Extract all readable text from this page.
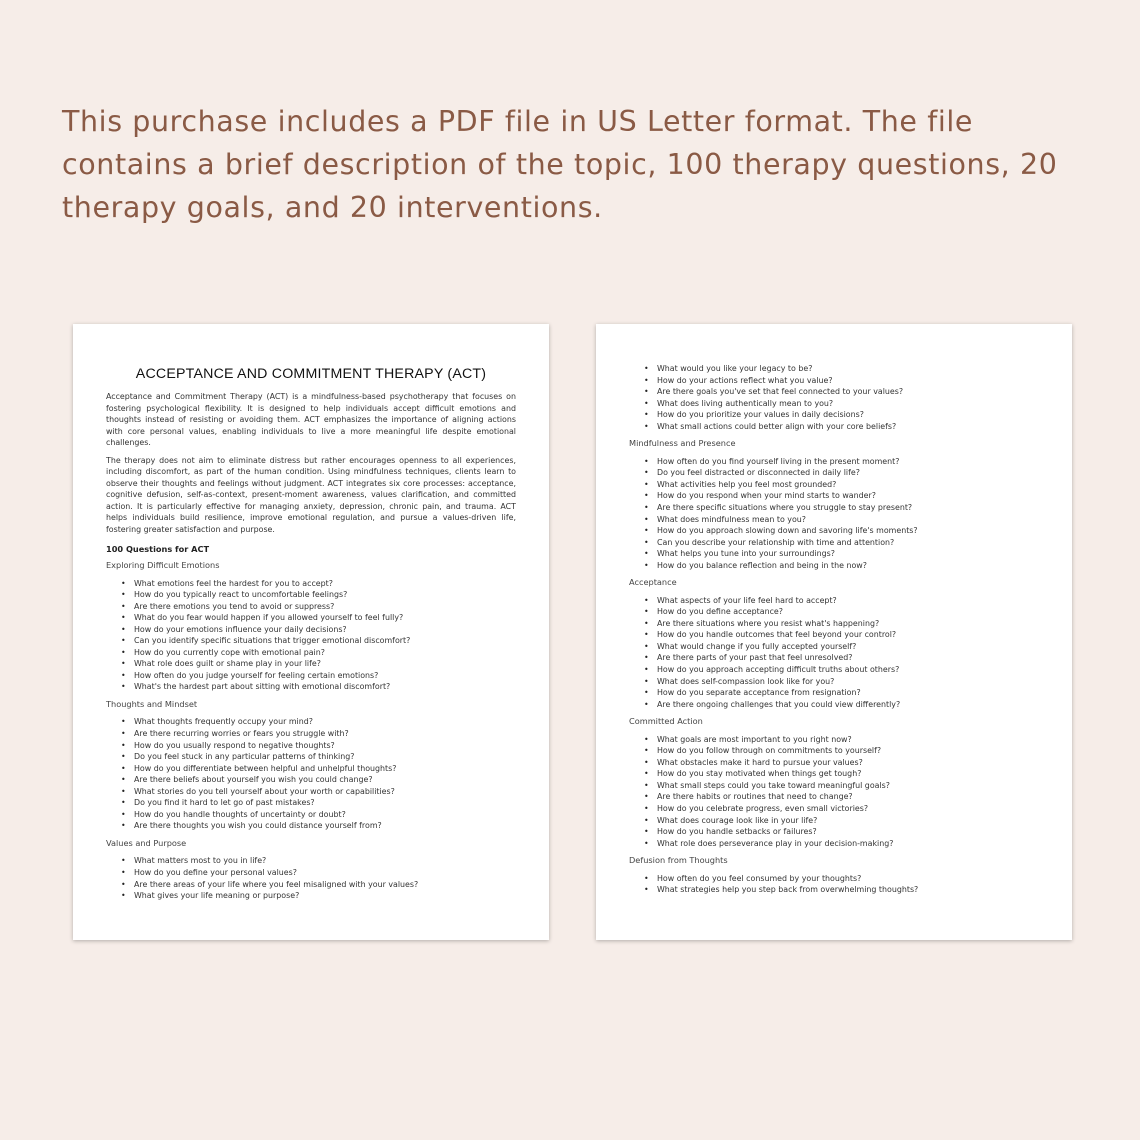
This purchase includes a PDF file in US Letter format. The file contains a brief description of the topic, 100 therapy questions, 20 therapy goals, and 20 interventions.

ACCEPTANCE AND COMMITMENT THERAPY (ACT)

Acceptance and Commitment Therapy (ACT) is a mindfulness-based psychotherapy that focuses on fostering psychological flexibility. It is designed to help individuals accept difficult emotions and thoughts instead of resisting or avoiding them. ACT emphasizes the importance of aligning actions with core personal values, enabling individuals to live a more meaningful life despite emotional challenges.

The therapy does not aim to eliminate distress but rather encourages openness to all experiences, including discomfort, as part of the human condition. Using mindfulness techniques, clients learn to observe their thoughts and feelings without judgment. ACT integrates six core processes: acceptance, cognitive defusion, self-as-context, present-moment awareness, values clarification, and committed action. It is particularly effective for managing anxiety, depression, chronic pain, and trauma. ACT helps individuals build resilience, improve emotional regulation, and pursue a values-driven life, fostering greater satisfaction and purpose.

100 Questions for ACT
Exploring Difficult Emotions
• What emotions feel the hardest for you to accept?
• How do you typically react to uncomfortable feelings?
• Are there emotions you tend to avoid or suppress?
• What do you fear would happen if you allowed yourself to feel fully?
• How do your emotions influence your daily decisions?
• Can you identify specific situations that trigger emotional discomfort?
• How do you currently cope with emotional pain?
• What role does guilt or shame play in your life?
• How often do you judge yourself for feeling certain emotions?
• What's the hardest part about sitting with emotional discomfort?
Thoughts and Mindset
• What thoughts frequently occupy your mind?
• Are there recurring worries or fears you struggle with?
• How do you usually respond to negative thoughts?
• Do you feel stuck in any particular patterns of thinking?
• How do you differentiate between helpful and unhelpful thoughts?
• Are there beliefs about yourself you wish you could change?
• What stories do you tell yourself about your worth or capabilities?
• Do you find it hard to let go of past mistakes?
• How do you handle thoughts of uncertainty or doubt?
• Are there thoughts you wish you could distance yourself from?
Values and Purpose
• What matters most to you in life?
• How do you define your personal values?
• Are there areas of your life where you feel misaligned with your values?
• What gives your life meaning or purpose?
• What would you like your legacy to be?
• How do your actions reflect what you value?
• Are there goals you've set that feel connected to your values?
• What does living authentically mean to you?
• How do you prioritize your values in daily decisions?
• What small actions could better align with your core beliefs?
Mindfulness and Presence
• How often do you find yourself living in the present moment?
• Do you feel distracted or disconnected in daily life?
• What activities help you feel most grounded?
• How do you respond when your mind starts to wander?
• Are there specific situations where you struggle to stay present?
• What does mindfulness mean to you?
• How do you approach slowing down and savoring life's moments?
• Can you describe your relationship with time and attention?
• What helps you tune into your surroundings?
• How do you balance reflection and being in the now?
Acceptance
• What aspects of your life feel hard to accept?
• How do you define acceptance?
• Are there situations where you resist what's happening?
• How do you handle outcomes that feel beyond your control?
• What would change if you fully accepted yourself?
• Are there parts of your past that feel unresolved?
• How do you approach accepting difficult truths about others?
• What does self-compassion look like for you?
• How do you separate acceptance from resignation?
• Are there ongoing challenges that you could view differently?
Committed Action
• What goals are most important to you right now?
• How do you follow through on commitments to yourself?
• What obstacles make it hard to pursue your values?
• How do you stay motivated when things get tough?
• What small steps could you take toward meaningful goals?
• Are there habits or routines that need to change?
• How do you celebrate progress, even small victories?
• What does courage look like in your life?
• How do you handle setbacks or failures?
• What role does perseverance play in your decision-making?
Defusion from Thoughts
• How often do you feel consumed by your thoughts?
• What strategies help you step back from overwhelming thoughts?
